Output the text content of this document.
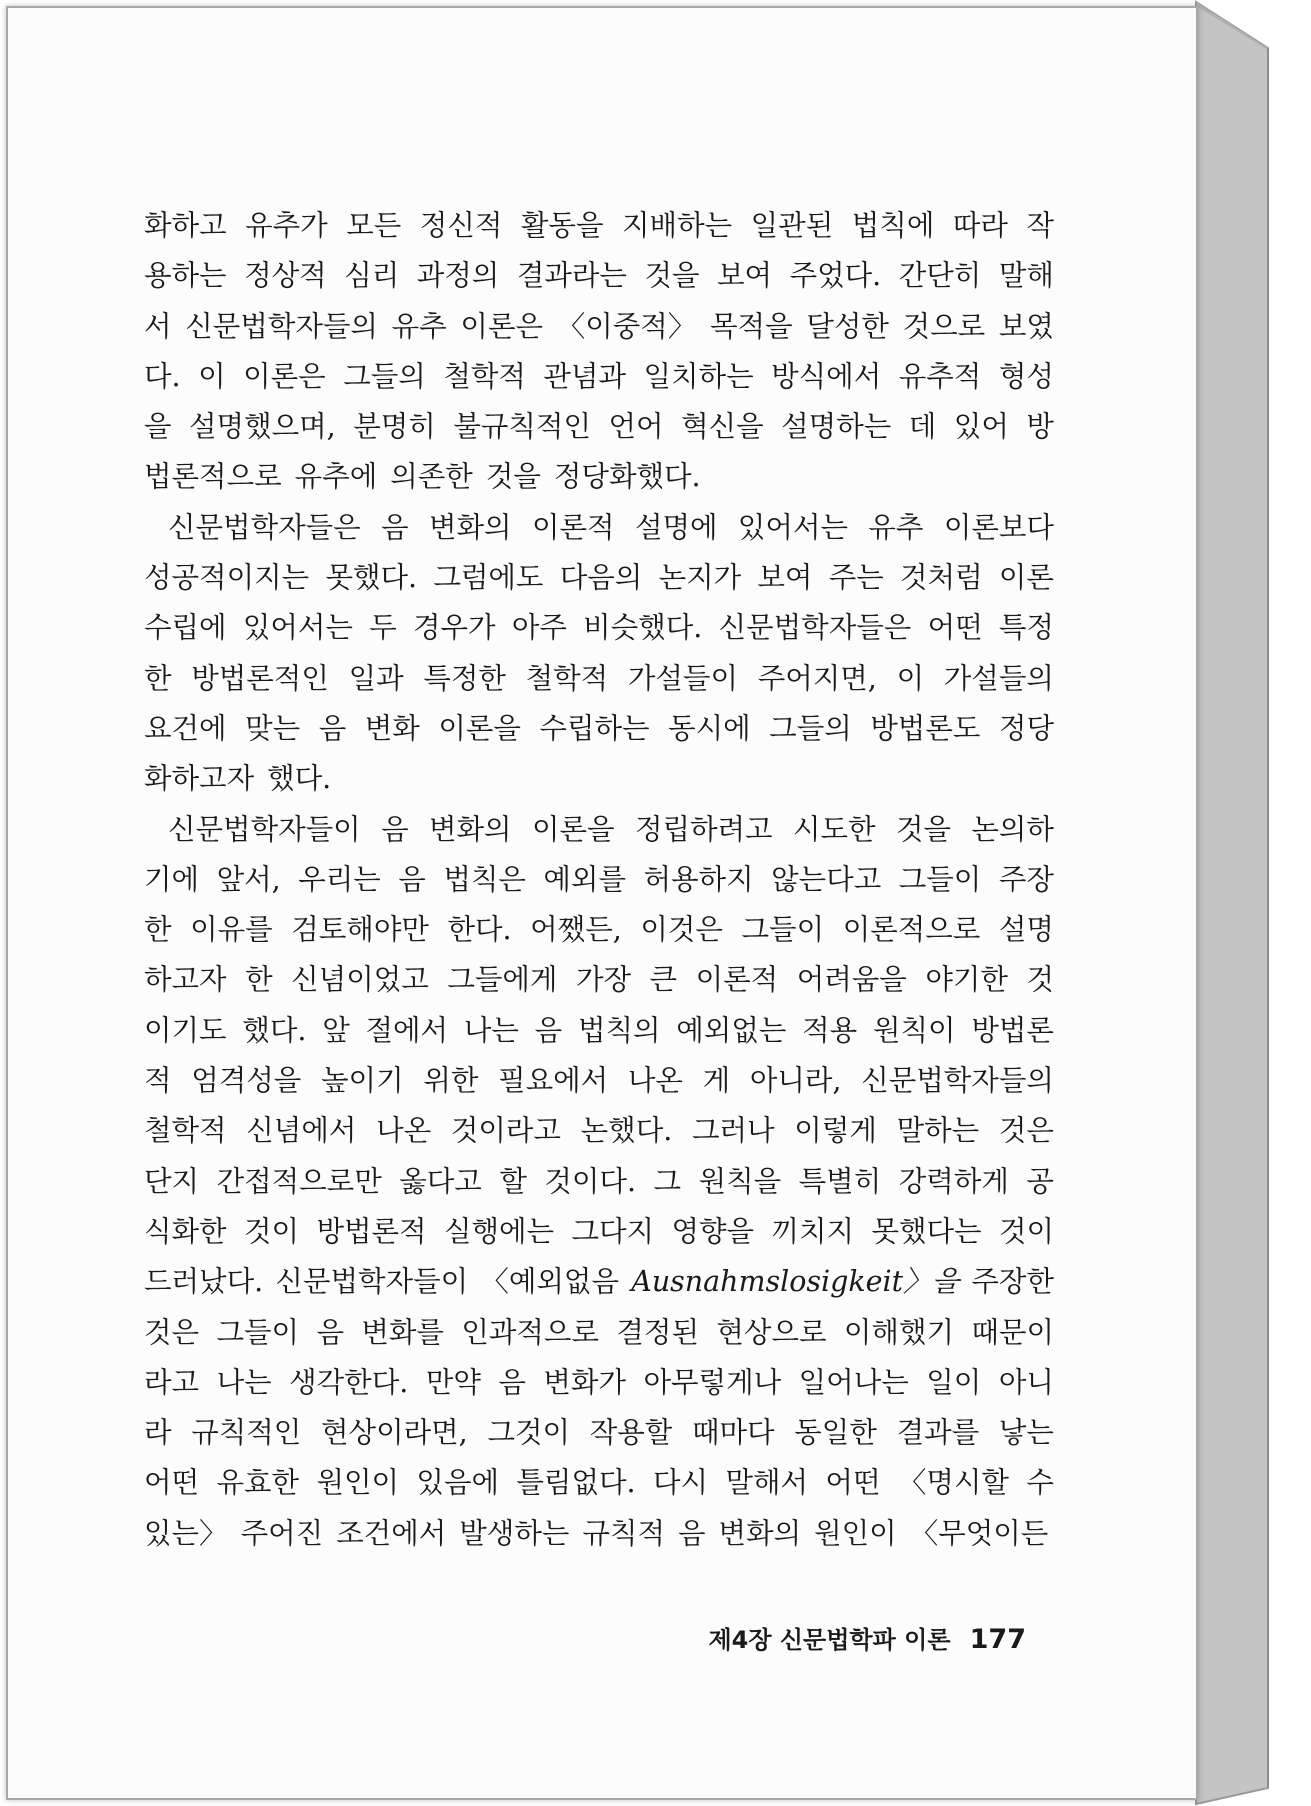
화하고 유추가 모든 정신적 활동을 지배하는 일관된 법칙에 따라 작
용하는 정상적 심리 과정의 결과라는 것을 보여 주었다. 간단히 말해
서 신문법학자들의 유추 이론은 〈이중적〉 목적을 달성한 것으로 보였
다. 이 이론은 그들의 철학적 관념과 일치하는 방식에서 유추적 형성
을 설명했으며, 분명히 불규칙적인 언어 혁신을 설명하는 데 있어 방
법론적으로 유추에 의존한 것을 정당화했다.
신문법학자들은 음 변화의 이론적 설명에 있어서는 유추 이론보다
성공적이지는 못했다. 그럼에도 다음의 논지가 보여 주는 것처럼 이론
수립에 있어서는 두 경우가 아주 비슷했다. 신문법학자들은 어떤 특정
한 방법론적인 일과 특정한 철학적 가설들이 주어지면, 이 가설들의
요건에 맞는 음 변화 이론을 수립하는 동시에 그들의 방법론도 정당
화하고자 했다.
신문법학자들이 음 변화의 이론을 정립하려고 시도한 것을 논의하
기에 앞서, 우리는 음 법칙은 예외를 허용하지 않는다고 그들이 주장
한 이유를 검토해야만 한다. 어쨌든, 이것은 그들이 이론적으로 설명
하고자 한 신념이었고 그들에게 가장 큰 이론적 어려움을 야기한 것
이기도 했다. 앞 절에서 나는 음 법칙의 예외없는 적용 원칙이 방법론
적 엄격성을 높이기 위한 필요에서 나온 게 아니라, 신문법학자들의
철학적 신념에서 나온 것이라고 논했다. 그러나 이렇게 말하는 것은
단지 간접적으로만 옳다고 할 것이다. 그 원칙을 특별히 강력하게 공
식화한 것이 방법론적 실행에는 그다지 영향을 끼치지 못했다는 것이
드러났다. 신문법학자들이 〈예외없음 Ausnahmslosigkeit〉을 주장한
것은 그들이 음 변화를 인과적으로 결정된 현상으로 이해했기 때문이
라고 나는 생각한다. 만약 음 변화가 아무렇게나 일어나는 일이 아니
라 규칙적인 현상이라면, 그것이 작용할 때마다 동일한 결과를 낳는
어떤 유효한 원인이 있음에 틀림없다. 다시 말해서 어떤 〈명시할 수
있는〉 주어진 조건에서 발생하는 규칙적 음 변화의 원인이 〈무엇이든
제4장 신문법학파 이론 177
